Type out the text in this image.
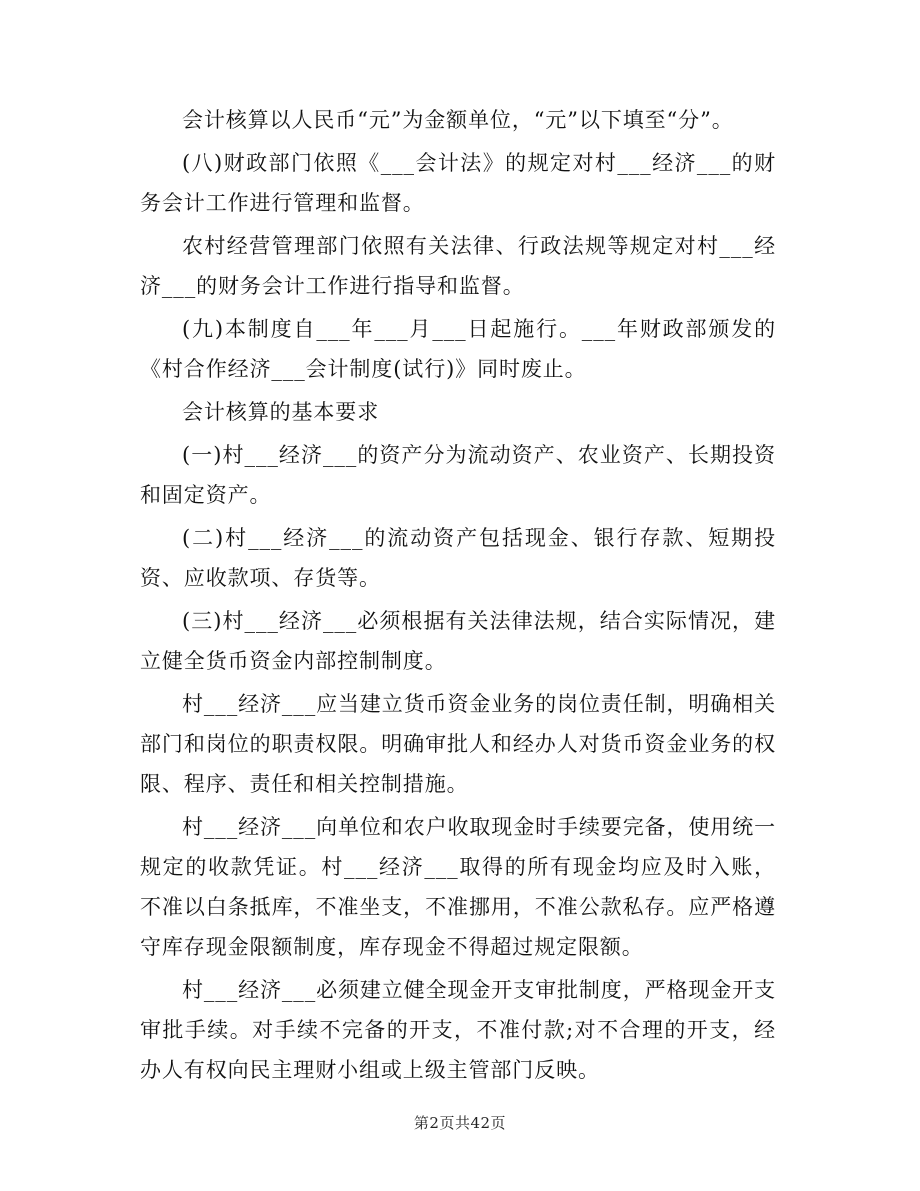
会计核算以人民币“元”为金额单位，“元”以下填至“分”。

(八)财政部门依照《___会计法》的规定对村___经济___的财务会计工作进行管理和监督。

农村经营管理部门依照有关法律、行政法规等规定对村___经济___的财务会计工作进行指导和监督。

(九)本制度自___年___月___日起施行。___年财政部颁发的《村合作经济___会计制度(试行)》同时废止。

会计核算的基本要求

(一)村___经济___的资产分为流动资产、农业资产、长期投资和固定资产。

(二)村___经济___的流动资产包括现金、银行存款、短期投资、应收款项、存货等。

(三)村___经济___必须根据有关法律法规，结合实际情况，建立健全货币资金内部控制制度。

村___经济___应当建立货币资金业务的岗位责任制，明确相关部门和岗位的职责权限。明确审批人和经办人对货币资金业务的权限、程序、责任和相关控制措施。

村___经济___向单位和农户收取现金时手续要完备，使用统一规定的收款凭证。村___经济___取得的所有现金均应及时入账，不准以白条抵库，不准坐支，不准挪用，不准公款私存。应严格遵守库存现金限额制度，库存现金不得超过规定限额。

村___经济___必须建立健全现金开支审批制度，严格现金开支审批手续。对手续不完备的开支，不准付款;对不合理的开支，经办人有权向民主理财小组或上级主管部门反映。

第2页共42页
